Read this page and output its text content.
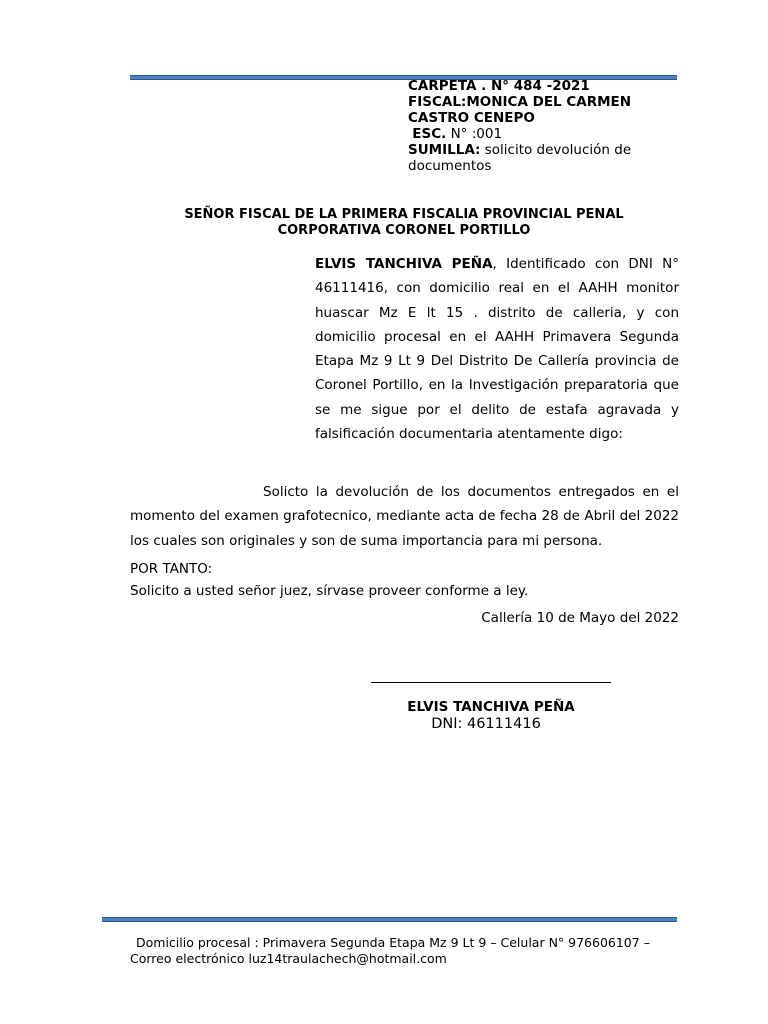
CARPETA . N° 484 -2021
FISCAL:MONICA DEL CARMEN CASTRO CENEPO
ESC. N° :001
SUMILLA: solicito devolución de documentos
SEÑOR FISCAL DE LA PRIMERA FISCALIA PROVINCIAL PENAL
CORPORATIVA CORONEL PORTILLO
ELVIS TANCHIVA PEÑA, Identificado con DNI N° 46111416, con domicilio real en el AAHH monitor huascar Mz E lt 15 . distrito de calleria, y con domicilio procesal en el AAHH Primavera Segunda Etapa Mz 9 Lt 9 Del Distrito De Callería provincia de Coronel Portillo, en la Investigación preparatoria que se me sigue por el delito de estafa agravada y falsificación documentaria atentamente digo:
Solicto la devolución de los documentos entregados en el momento del examen grafotecnico, mediante acta de fecha 28 de Abril del 2022 los cuales son originales y son de suma importancia para mi persona.
POR TANTO:
Solicito a usted señor juez, sírvase proveer conforme a ley.
Callería 10 de Mayo del 2022
ELVIS TANCHIVA PEÑA
DNI: 46111416
Domicilio procesal : Primavera Segunda Etapa Mz 9 Lt 9 – Celular N° 976606107 –
Correo electrónico luz14traulachech@hotmail.com
